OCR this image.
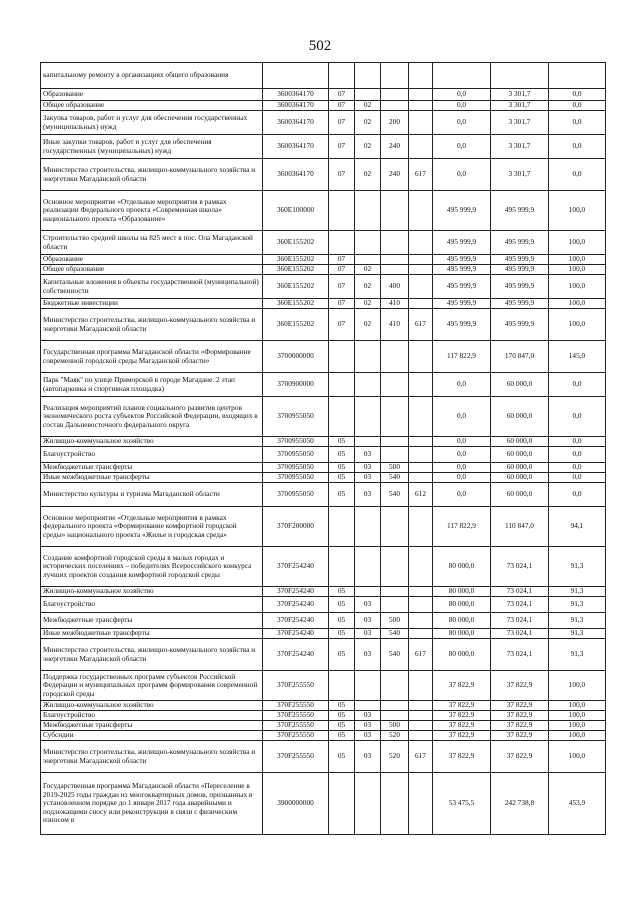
502
капитальному ремонту в организациях общего образования								
Образование	3600364170	07				0,0	3 301,7	0,0
Общее образование	3600364170	07	02			0,0	3 301,7	0,0
Закупка товаров, работ и услуг для обеспечения государственных (муниципальных) нужд	3600364170	07	02	200		0,0	3 301,7	0,0
Иные закупки товаров, работ и услуг для обеспечения государственных (муниципальных) нужд	3600364170	07	02	240		0,0	3 301,7	0,0
Министерство строительства, жилищно-коммунального хозяйства и энергетики Магаданской области	3600364170	07	02	240	617	0,0	3 301,7	0,0
Основное мероприятие «Отдельные мероприятия в рамках реализации Федерального проекта «Современная школа» национального проекта «Образование»	360Е100000					495 999,9	495 999,9	100,0
Строительство средней школы на 825 мест в пос. Ола Магаданской области	360Е155202					495 999,9	495 999,9	100,0
Образование	360Е155202	07				495 999,9	495 999,9	100,0
Общее образование	360Е155202	07	02			495 999,9	495 999,9	100,0
Капитальные вложения в объекты государственной (муниципальной) собственности	360Е155202	07	02	400		495 999,9	495 999,9	100,0
Бюджетные инвестиции	360Е155202	07	02	410		495 999,9	495 999,9	100,0
Министерство строительства, жилищно-коммунального хозяйства и энергетики Магаданской области	360Е155202	07	02	410	617	495 999,9	495 999,9	100,0
Государственная программа Магаданской области «Формирование современной городской среды Магаданской области»	3700000000					117 822,9	170 847,0	145,0
Парк "Маяк" по улице Приморской в городе Магадане. 2 этап (автопарковка и спортивная площадка)	3700900000					0,0	60 000,0	0,0
Реализация мероприятий планов социального развития центров экономического роста субъектов Российской Федерации, входящих в состав Дальневосточного федерального округа	3700955050					0,0	60 000,0	0,0
Жилищно-коммунальное хозяйство	3700955050	05				0,0	60 000,0	0,0
Благоустройство	3700955050	05	03			0,0	60 000,0	0,0
Межбюджетные трансферты	3700955050	05	03	500		0,0	60 000,0	0,0
Иные межбюджетные трансферты	3700955050	05	03	540		0,0	60 000,0	0,0
Министерство культуры и туризма Магаданской области	3700955050	05	03	540	612	0,0	60 000,0	0,0
Основное мероприятие «Отдельные мероприятия в рамках федерального проекта «Формирование комфортной городской среды» национального проекта «Жилье и городская среда»	370F200000					117 822,9	110 847,0	94,1
Создание комфортной городской среды в малых городах и исторических поселениях – победителях Всероссийского конкурса лучших проектов создания комфортной городской среды	370F254240					80 000,0	73 024,1	91,3
Жилищно-коммунальное хозяйство	370F254240	05				80 000,0	73 024,1	91,3
Благоустройство	370F254240	05	03			80 000,0	73 024,1	91,3
Межбюджетные трансферты	370F254240	05	03	500		80 000,0	73 024,1	91,3
Иные межбюджетные трансферты	370F254240	05	03	540		80 000,0	73 024,1	91,3
Министерство строительства, жилищно-коммунального хозяйства и энергетики Магаданской области	370F254240	05	03	540	617	80 000,0	73 024,1	91,3
Поддержка государственных программ субъектов Российской Федерации и муниципальных программ формирования современной городской среды	370F255550					37 822,9	37 822,9	100,0
Жилищно-коммунальное хозяйство	370F255550	05				37 822,9	37 822,9	100,0
Благоустройство	370F255550	05	03			37 822,9	37 822,9	100,0
Межбюджетные трансферты	370F255550	05	03	500		37 822,9	37 822,9	100,0
Субсидии	370F255550	05	03	520		37 822,9	37 822,9	100,0
Министерство строительства, жилищно-коммунального хозяйства и энергетики Магаданской области	370F255550	05	03	520	617	37 822,9	37 822,9	100,0
Государственная программа Магаданской области «Переселение в 2019-2025 годы граждан из многоквартирных домов, признанных в установленном порядке до 1 января 2017 года аварийными и подлежащими сносу или реконструкции в связи с физическим износом в	3900000000					53 475,5	242 738,8	453,9
